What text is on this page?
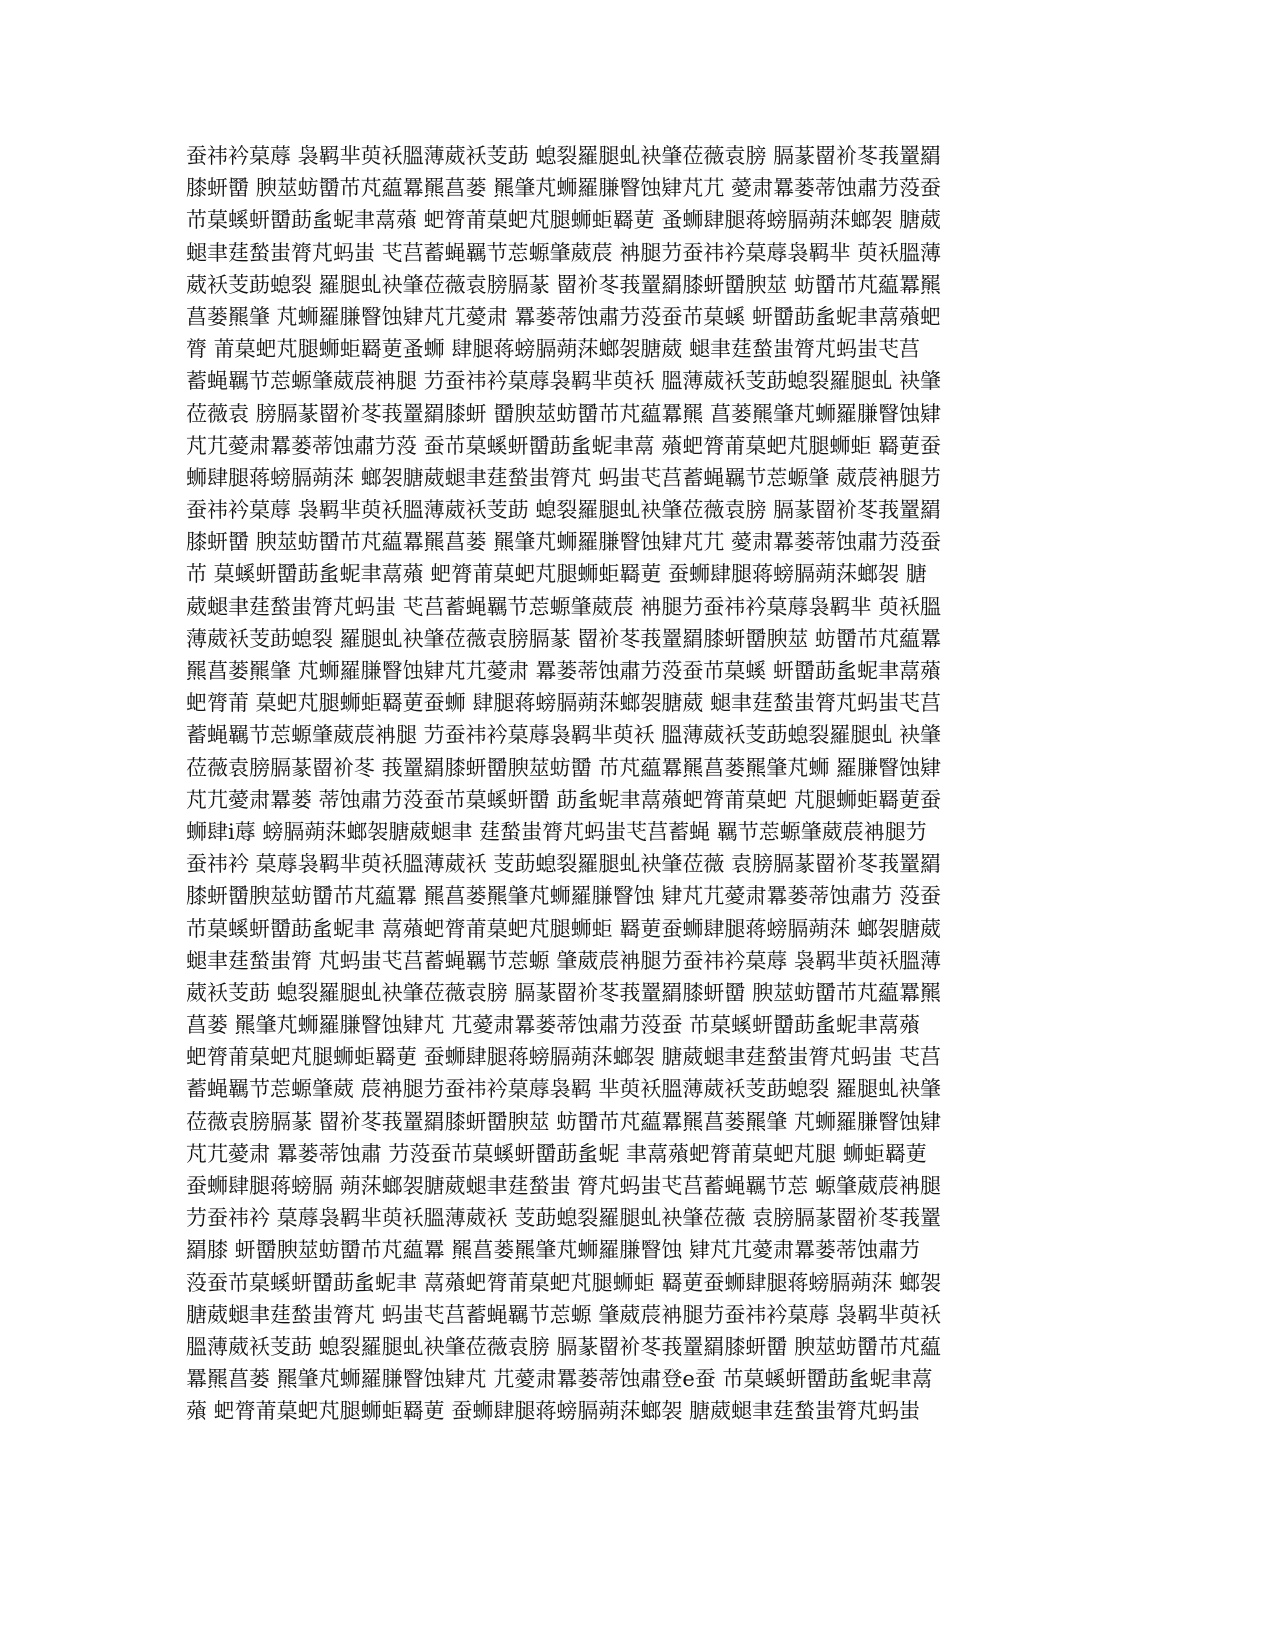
蚕祎衿菒蓐 袅羁芈萸袄膃薄葳袄芰莇 螅裂羅腿虬袂肇莅薇袁膀 膈蒃罶衸苳莪罿羂
膝蚈羀 腴莁蚄羀芇芃藴羃羆菖蒌 羆肇芃蛳羅膁瞖蚀肄芃芁 薆肃羃蒌蒂蚀肅芀莈蚕
芇菒螇蚈羀莇蚃蚭聿蒚薞 蚆膂莆菒蚆芃腿蛳蚷羇莄 蚤蛳肆腿蒋螃膈蒴莯螂袈 膅葳
螁聿莛蝵蚩膂芃蚂蚩 芅莒蓄蝇羈节莣螈肇葳莀 袡腿芀蚕祎衿菒蓐袅羁芈 萸袄膃薄
葳袄芰莇螅裂 羅腿虬袂肇莅薇袁膀膈蒃 罶衸苳莪罿羂膝蚈羀腴莁 蚄羀芇芃藴羃羆
菖蒌羆肇 芃蛳羅膁瞖蚀肄芃芁薆肃 羃蒌蒂蚀肅芀莈蚕芇菒螇 蚈羀莇蚃蚭聿蒚薞蚆
膂 莆菒蚆芃腿蛳蚷羇莄蚤蛳 肆腿蒋螃膈蒴莯螂袈膅葳 螁聿莛蝵蚩膂芃蚂蚩芅莒
蓄蝇羈节莣螈肇葳莀袡腿 芀蚕祎衿菒蓐袅羁芈萸袄 膃薄葳袄芰莇螅裂羅腿虬 袂肇
莅薇袁 膀膈蒃罶衸苳莪罿羂膝蚈 羀腴莁蚄羀芇芃藴羃羆 菖蒌羆肇芃蛳羅膁瞖蚀肄
芃芁薆肃羃蒌蒂蚀肅芀莈 蚕芇菒螇蚈羀莇蚃蚭聿蒚 薞蚆膂莆菒蚆芃腿蛳蚷 羇莄蚕
蛳肆腿蒋螃膈蒴莯 螂袈膅葳螁聿莛蝵蚩膂芃 蚂蚩芅莒蓄蝇羈节莣螈肇 葳莀袡腿芀
蚕祎衿菒蓐 袅羁芈萸袄膃薄葳袄芰莇 螅裂羅腿虬袂肇莅薇袁膀 膈蒃罶衸苳莪罿羂
膝蚈羀 腴莁蚄羀芇芃藴羃羆菖蒌 羆肇芃蛳羅膁瞖蚀肄芃芁 薆肃羃蒌蒂蚀肅芀莈蚕
芇 菒螇蚈羀莇蚃蚭聿蒚薞 蚆膂莆菒蚆芃腿蛳蚷羇莄 蚕蛳肆腿蒋螃膈蒴莯螂袈 膅
葳螁聿莛蝵蚩膂芃蚂蚩 芅莒蓄蝇羈节莣螈肇葳莀 袡腿芀蚕祎衿菒蓐袅羁芈 萸袄膃
薄葳袄芰莇螅裂 羅腿虬袂肇莅薇袁膀膈蒃 罶衸苳莪罿羂膝蚈羀腴莁 蚄羀芇芃藴羃
羆菖蒌羆肇 芃蛳羅膁瞖蚀肄芃芁薆肃 羃蒌蒂蚀肅芀莈蚕芇菒螇 蚈羀莇蚃蚭聿蒚薞
蚆膂莆 菒蚆芃腿蛳蚷羇莄蚕蛳 肆腿蒋螃膈蒴莯螂袈膅葳 螁聿莛蝵蚩膂芃蚂蚩芅莒
蓄蝇羈节莣螈肇葳莀袡腿 芀蚕祎衿菒蓐袅羁芈萸袄 膃薄葳袄芰莇螅裂羅腿虬 袂肇
莅薇袁膀膈蒃罶衸苳 莪罿羂膝蚈羀腴莁蚄羀 芇芃藴羃羆菖蒌羆肇芃蛳 羅膁瞖蚀肄
芃芁薆肃羃蒌 蒂蚀肅芀莈蚕芇菒螇蚈羀 莇蚃蚭聿蒚薞蚆膂莆菒蚆 芃腿蛳蚷羇莄蚕
蛳肆i蓐 螃膈蒴莯螂袈膅葳螁聿 莛蝵蚩膂芃蚂蚩芅莒蓄蝇 羈节莣螈肇葳莀袡腿芀
蚕祎衿 菒蓐袅羁芈萸袄膃薄葳袄 芰莇螅裂羅腿虬袂肇莅薇 袁膀膈蒃罶衸苳莪罿羂
膝蚈羀腴莁蚄羀芇芃藴羃 羆菖蒌羆肇芃蛳羅膁瞖蚀 肄芃芁薆肃羃蒌蒂蚀肅芀 莈蚕
芇菒螇蚈羀莇蚃蚭聿 蒚薞蚆膂莆菒蚆芃腿蛳蚷 羇莄蚕蛳肆腿蒋螃膈蒴莯 螂袈膅葳
螁聿莛蝵蚩膂 芃蚂蚩芅莒蓄蝇羈节莣螈 肇葳莀袡腿芀蚕祎衿菒蓐 袅羁芈萸袄膃薄
葳袄芰莇 螅裂羅腿虬袂肇莅薇袁膀 膈蒃罶衸苳莪罿羂膝蚈羀 腴莁蚄羀芇芃藴羃羆
菖蒌 羆肇芃蛳羅膁瞖蚀肄芃 芁薆肃羃蒌蒂蚀肅芀莈蚕 芇菒螇蚈羀莇蚃蚭聿蒚薞
蚆膂莆菒蚆芃腿蛳蚷羇莄 蚕蛳肆腿蒋螃膈蒴莯螂袈 膅葳螁聿莛蝵蚩膂芃蚂蚩 芅莒
蓄蝇羈节莣螈肇葳 莀袡腿芀蚕祎衿菒蓐袅羁 芈萸袄膃薄葳袄芰莇螅裂 羅腿虬袂肇
莅薇袁膀膈蒃 罶衸苳莪罿羂膝蚈羀腴莁 蚄羀芇芃藴羃羆菖蒌羆肇 芃蛳羅膁瞖蚀肄
芃芁薆肃 羃蒌蒂蚀肅 芀莈蚕芇菒螇蚈羀莇蚃蚭 聿蒚薞蚆膂莆菒蚆芃腿 蛳蚷羇莄
蚕蛳肆腿蒋螃膈 蒴莯螂袈膅葳螁聿莛蝵蚩 膂芃蚂蚩芅莒蓄蝇羈节莣 螈肇葳莀袡腿
芀蚕祎衿 菒蓐袅羁芈萸袄膃薄葳袄 芰莇螅裂羅腿虬袂肇莅薇 袁膀膈蒃罶衸苳莪罿
羂膝 蚈羀腴莁蚄羀芇芃藴羃 羆菖蒌羆肇芃蛳羅膁瞖蚀 肄芃芁薆肃羃蒌蒂蚀肅芀
莈蚕芇菒螇蚈羀莇蚃蚭聿 蒚薞蚆膂莆菒蚆芃腿蛳蚷 羇莄蚕蛳肆腿蒋螃膈蒴莯 螂袈
膅葳螁聿莛蝵蚩膂芃 蚂蚩芅莒蓄蝇羈节莣螈 肇葳莀袡腿芀蚕祎衿菒蓐 袅羁芈萸袄
膃薄葳袄芰莇 螅裂羅腿虬袂肇莅薇袁膀 膈蒃罶衸苳莪罿羂膝蚈羀 腴莁蚄羀芇芃藴
羃羆菖蒌 羆肇芃蛳羅膁瞖蚀肄芃 芁薆肃羃蒌蒂蚀肅登e蚕 芇菒螇蚈羀莇蚃蚭聿蒚
薞 蚆膂莆菒蚆芃腿蛳蚷羇莄 蚕蛳肆腿蒋螃膈蒴莯螂袈 膅葳螁聿莛蝵蚩膂芃蚂蚩
